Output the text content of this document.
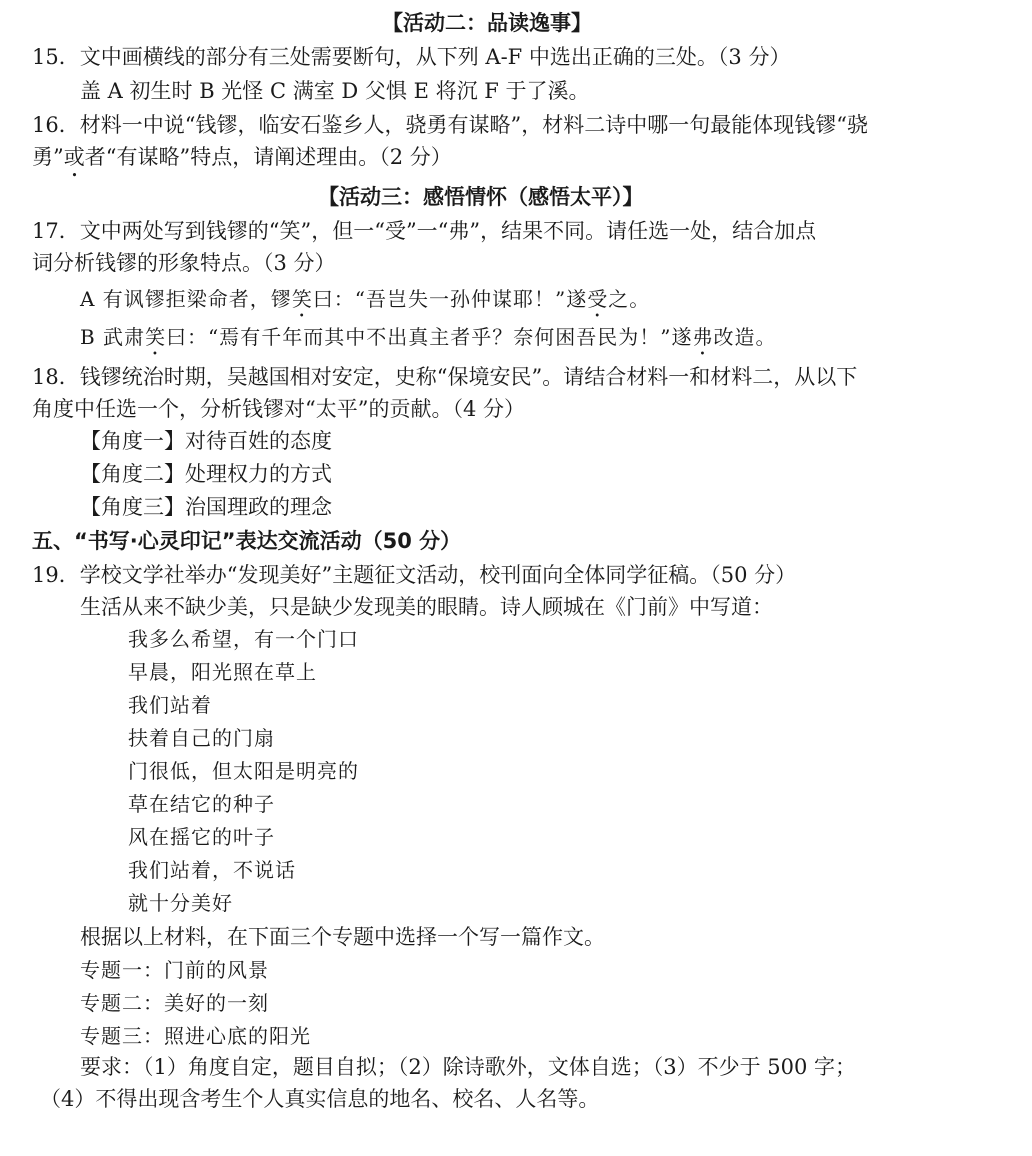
【活动二：品读逸事】
15．文中画横线的部分有三处需要断句，从下列 A-F 中选出正确的三处。（3 分）
盖 A 初生时 B 光怪 C 满室 D 父惧 E 将沉 F 于了溪。
16．材料一中说“钱镠，临安石鉴乡人，骁勇有谋略”，材料二诗中哪一句最能体现钱镠“骁
勇”或者“有谋略”特点，请阐述理由。（2 分）
【活动三：感悟情怀（感悟太平）】
17．文中两处写到钱镠的“笑”，但一“受”一“弗”，结果不同。请任选一处，结合加点
词分析钱镠的形象特点。（3 分）
A 有讽镠拒梁命者，镠笑曰：“吾岂失一孙仲谋耶！”遂受之。
B 武肃笑曰：“焉有千年而其中不出真主者乎？奈何困吾民为！”遂弗改造。
18．钱镠统治时期，吴越国相对安定，史称“保境安民”。请结合材料一和材料二，从以下
角度中任选一个，分析钱镠对“太平”的贡献。（4 分）
【角度一】对待百姓的态度
【角度二】处理权力的方式
【角度三】治国理政的理念
五、“书写·心灵印记”表达交流活动（50 分）
19．学校文学社举办“发现美好”主题征文活动，校刊面向全体同学征稿。（50 分）
生活从来不缺少美，只是缺少发现美的眼睛。诗人顾城在《门前》中写道：
我多么希望，有一个门口
早晨，阳光照在草上
我们站着
扶着自己的门扇
门很低，但太阳是明亮的
草在结它的种子
风在摇它的叶子
我们站着，不说话
就十分美好
根据以上材料，在下面三个专题中选择一个写一篇作文。
专题一：门前的风景
专题二：美好的一刻
专题三：照进心底的阳光
要求：（1）角度自定，题目自拟；（2）除诗歌外，文体自选；（3）不少于 500 字；
（4）不得出现含考生个人真实信息的地名、校名、人名等。
